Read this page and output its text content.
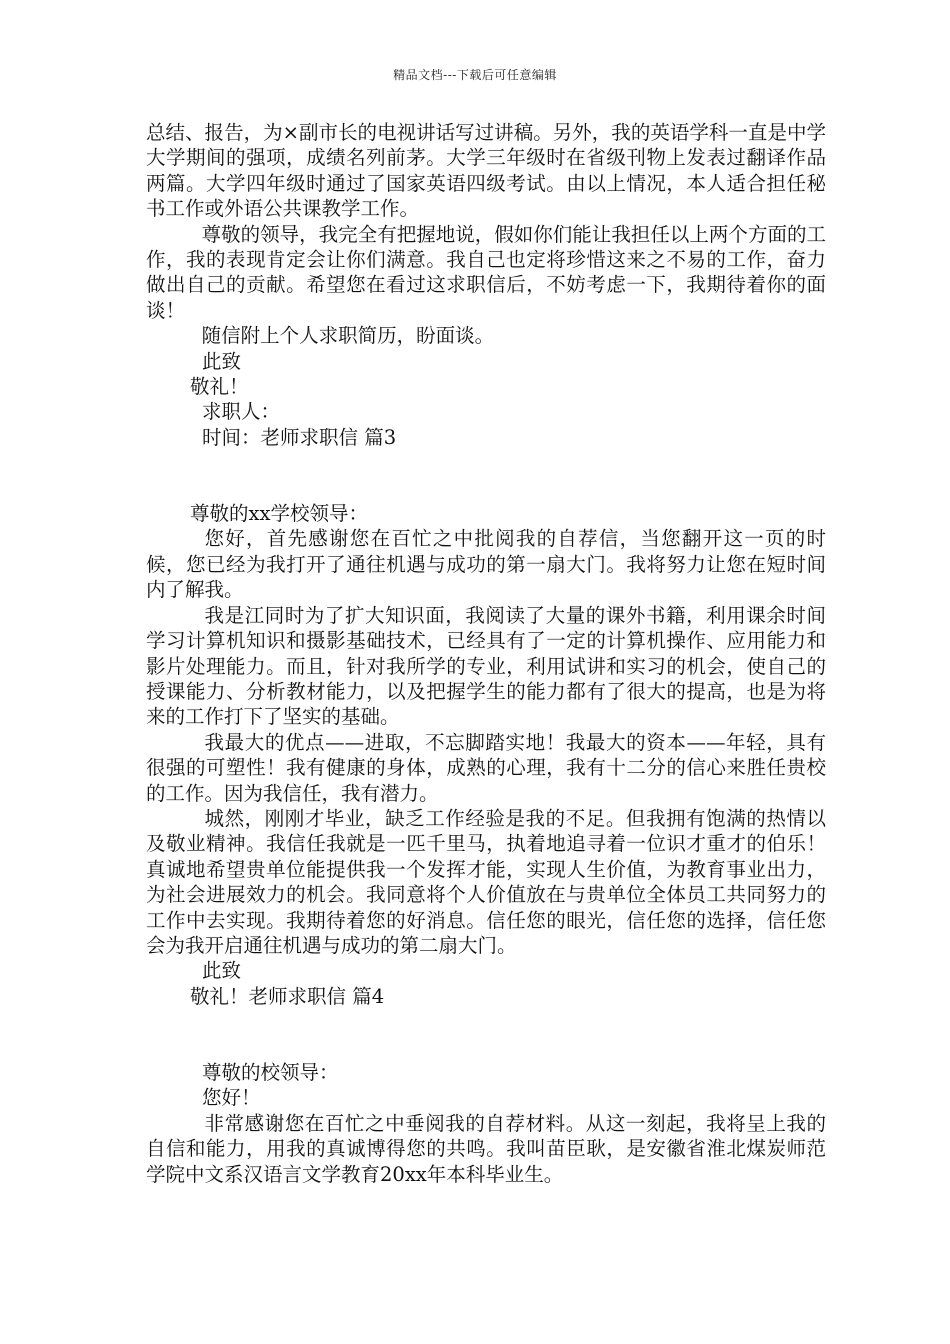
精品文档---下载后可任意编辑

总结、报告，为×副市长的电视讲话写过讲稿。另外，我的英语学科一直是中学大学期间的强项，成绩名列前茅。大学三年级时在省级刊物上发表过翻译作品两篇。大学四年级时通过了国家英语四级考试。由以上情况，本人适合担任秘书工作或外语公共课教学工作。

尊敬的领导，我完全有把握地说，假如你们能让我担任以上两个方面的工作，我的表现肯定会让你们满意。我自己也定将珍惜这来之不易的工作，奋力做出自己的贡献。希望您在看过这求职信后，不妨考虑一下，我期待着你的面谈！

随信附上个人求职简历，盼面谈。

此致

敬礼！

求职人：

时间：老师求职信 篇3

尊敬的xx学校领导：

您好，首先感谢您在百忙之中批阅我的自荐信，当您翻开这一页的时候，您已经为我打开了通往机遇与成功的第一扇大门。我将努力让您在短时间内了解我。

我是江同时为了扩大知识面，我阅读了大量的课外书籍，利用课余时间学习计算机知识和摄影基础技术，已经具有了一定的计算机操作、应用能力和影片处理能力。而且，针对我所学的专业，利用试讲和实习的机会，使自己的授课能力、分析教材能力，以及把握学生的能力都有了很大的提高，也是为将来的工作打下了坚实的基础。

我最大的优点——进取，不忘脚踏实地！我最大的资本——年轻，具有很强的可塑性！我有健康的身体，成熟的心理，我有十二分的信心来胜任贵校的工作。因为我信任，我有潜力。

城然，刚刚才毕业，缺乏工作经验是我的不足。但我拥有饱满的热情以及敬业精神。我信任我就是一匹千里马，执着地追寻着一位识才重才的伯乐！真诚地希望贵单位能提供我一个发挥才能，实现人生价值，为教育事业出力，为社会进展效力的机会。我同意将个人价值放在与贵单位全体员工共同努力的工作中去实现。我期待着您的好消息。信任您的眼光，信任您的选择，信任您会为我开启通往机遇与成功的第二扇大门。

此致

敬礼！老师求职信 篇4

尊敬的校领导：

您好！

非常感谢您在百忙之中垂阅我的自荐材料。从这一刻起，我将呈上我的自信和能力，用我的真诚博得您的共鸣。我叫苗臣耿，是安徽省淮北煤炭师范学院中文系汉语言文学教育20xx年本科毕业生。
